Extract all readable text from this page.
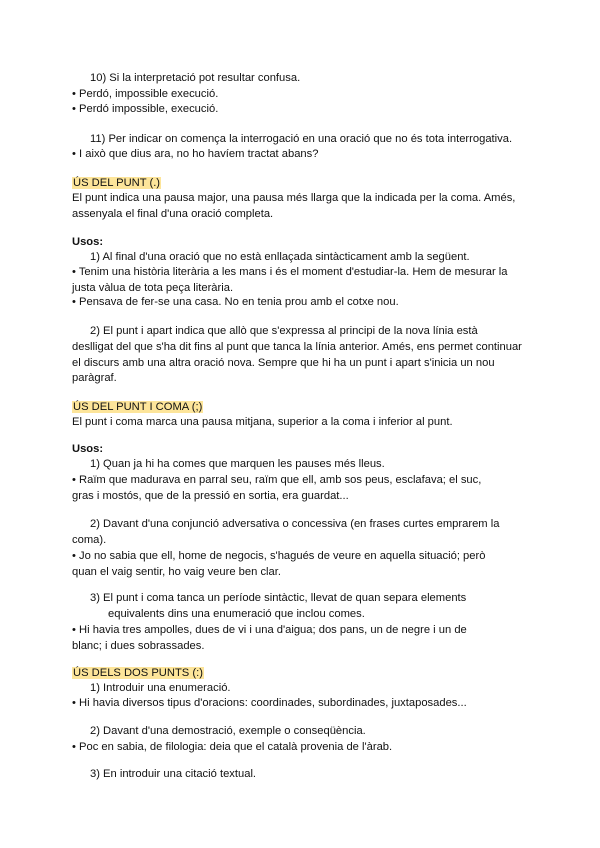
10) Si la interpretació pot resultar confusa.
• Perdó, impossible execució.
• Perdó impossible, execució.
11) Per indicar on comença la interrogació en una oració que no és tota interrogativa.
• I això que dius ara, no ho havíem tractat abans?
ÚS DEL PUNT (.)
El punt indica una pausa major, una pausa més llarga que la indicada per la coma. Amés,
assenyala el final d'una oració completa.
Usos:
1) Al final d'una oració que no està enllaçada sintàcticament amb la següent.
• Tenim una història literària a les mans i és el moment d'estudiar-la. Hem de mesurar la
justa vàlua de tota peça literària.
• Pensava de fer-se una casa. No en tenia prou amb el cotxe nou.
2) El punt i apart indica que allò que s'expressa al principi de la nova línia està
deslligat del que s'ha dit fins al punt que tanca la línia anterior. Amés, ens permet continuar
el discurs amb una altra oració nova. Sempre que hi ha un punt i apart s'inicia un nou
paràgraf.
ÚS DEL PUNT I COMA (;)
El punt i coma marca una pausa mitjana, superior a la coma i inferior al punt.
Usos:
1) Quan ja hi ha comes que marquen les pauses més lleus.
• Raïm que madurava en parral seu, raïm que ell, amb sos peus, esclafava; el suc,
gras i mostós, que de la pressió en sortia, era guardat...
2) Davant d'una conjunció adversativa o concessiva (en frases curtes emprarem la
coma).
• Jo no sabia que ell, home de negocis, s'hagués de veure en aquella situació; però
quan el vaig sentir, ho vaig veure ben clar.
3) El punt i coma tanca un període sintàctic, llevat de quan separa elements
equivalents dins una enumeració que inclou comes.
• Hi havia tres ampolles, dues de vi i una d'aigua; dos pans, un de negre i un de
blanc; i dues sobrassades.
ÚS DELS DOS PUNTS (:)
1) Introduir una enumeració.
• Hi havia diversos tipus d'oracions: coordinades, subordinades, juxtaposades...
2) Davant d'una demostració, exemple o conseqüència.
• Poc en sabia, de filologia: deia que el català provenia de l'àrab.
3) En introduir una citació textual.
